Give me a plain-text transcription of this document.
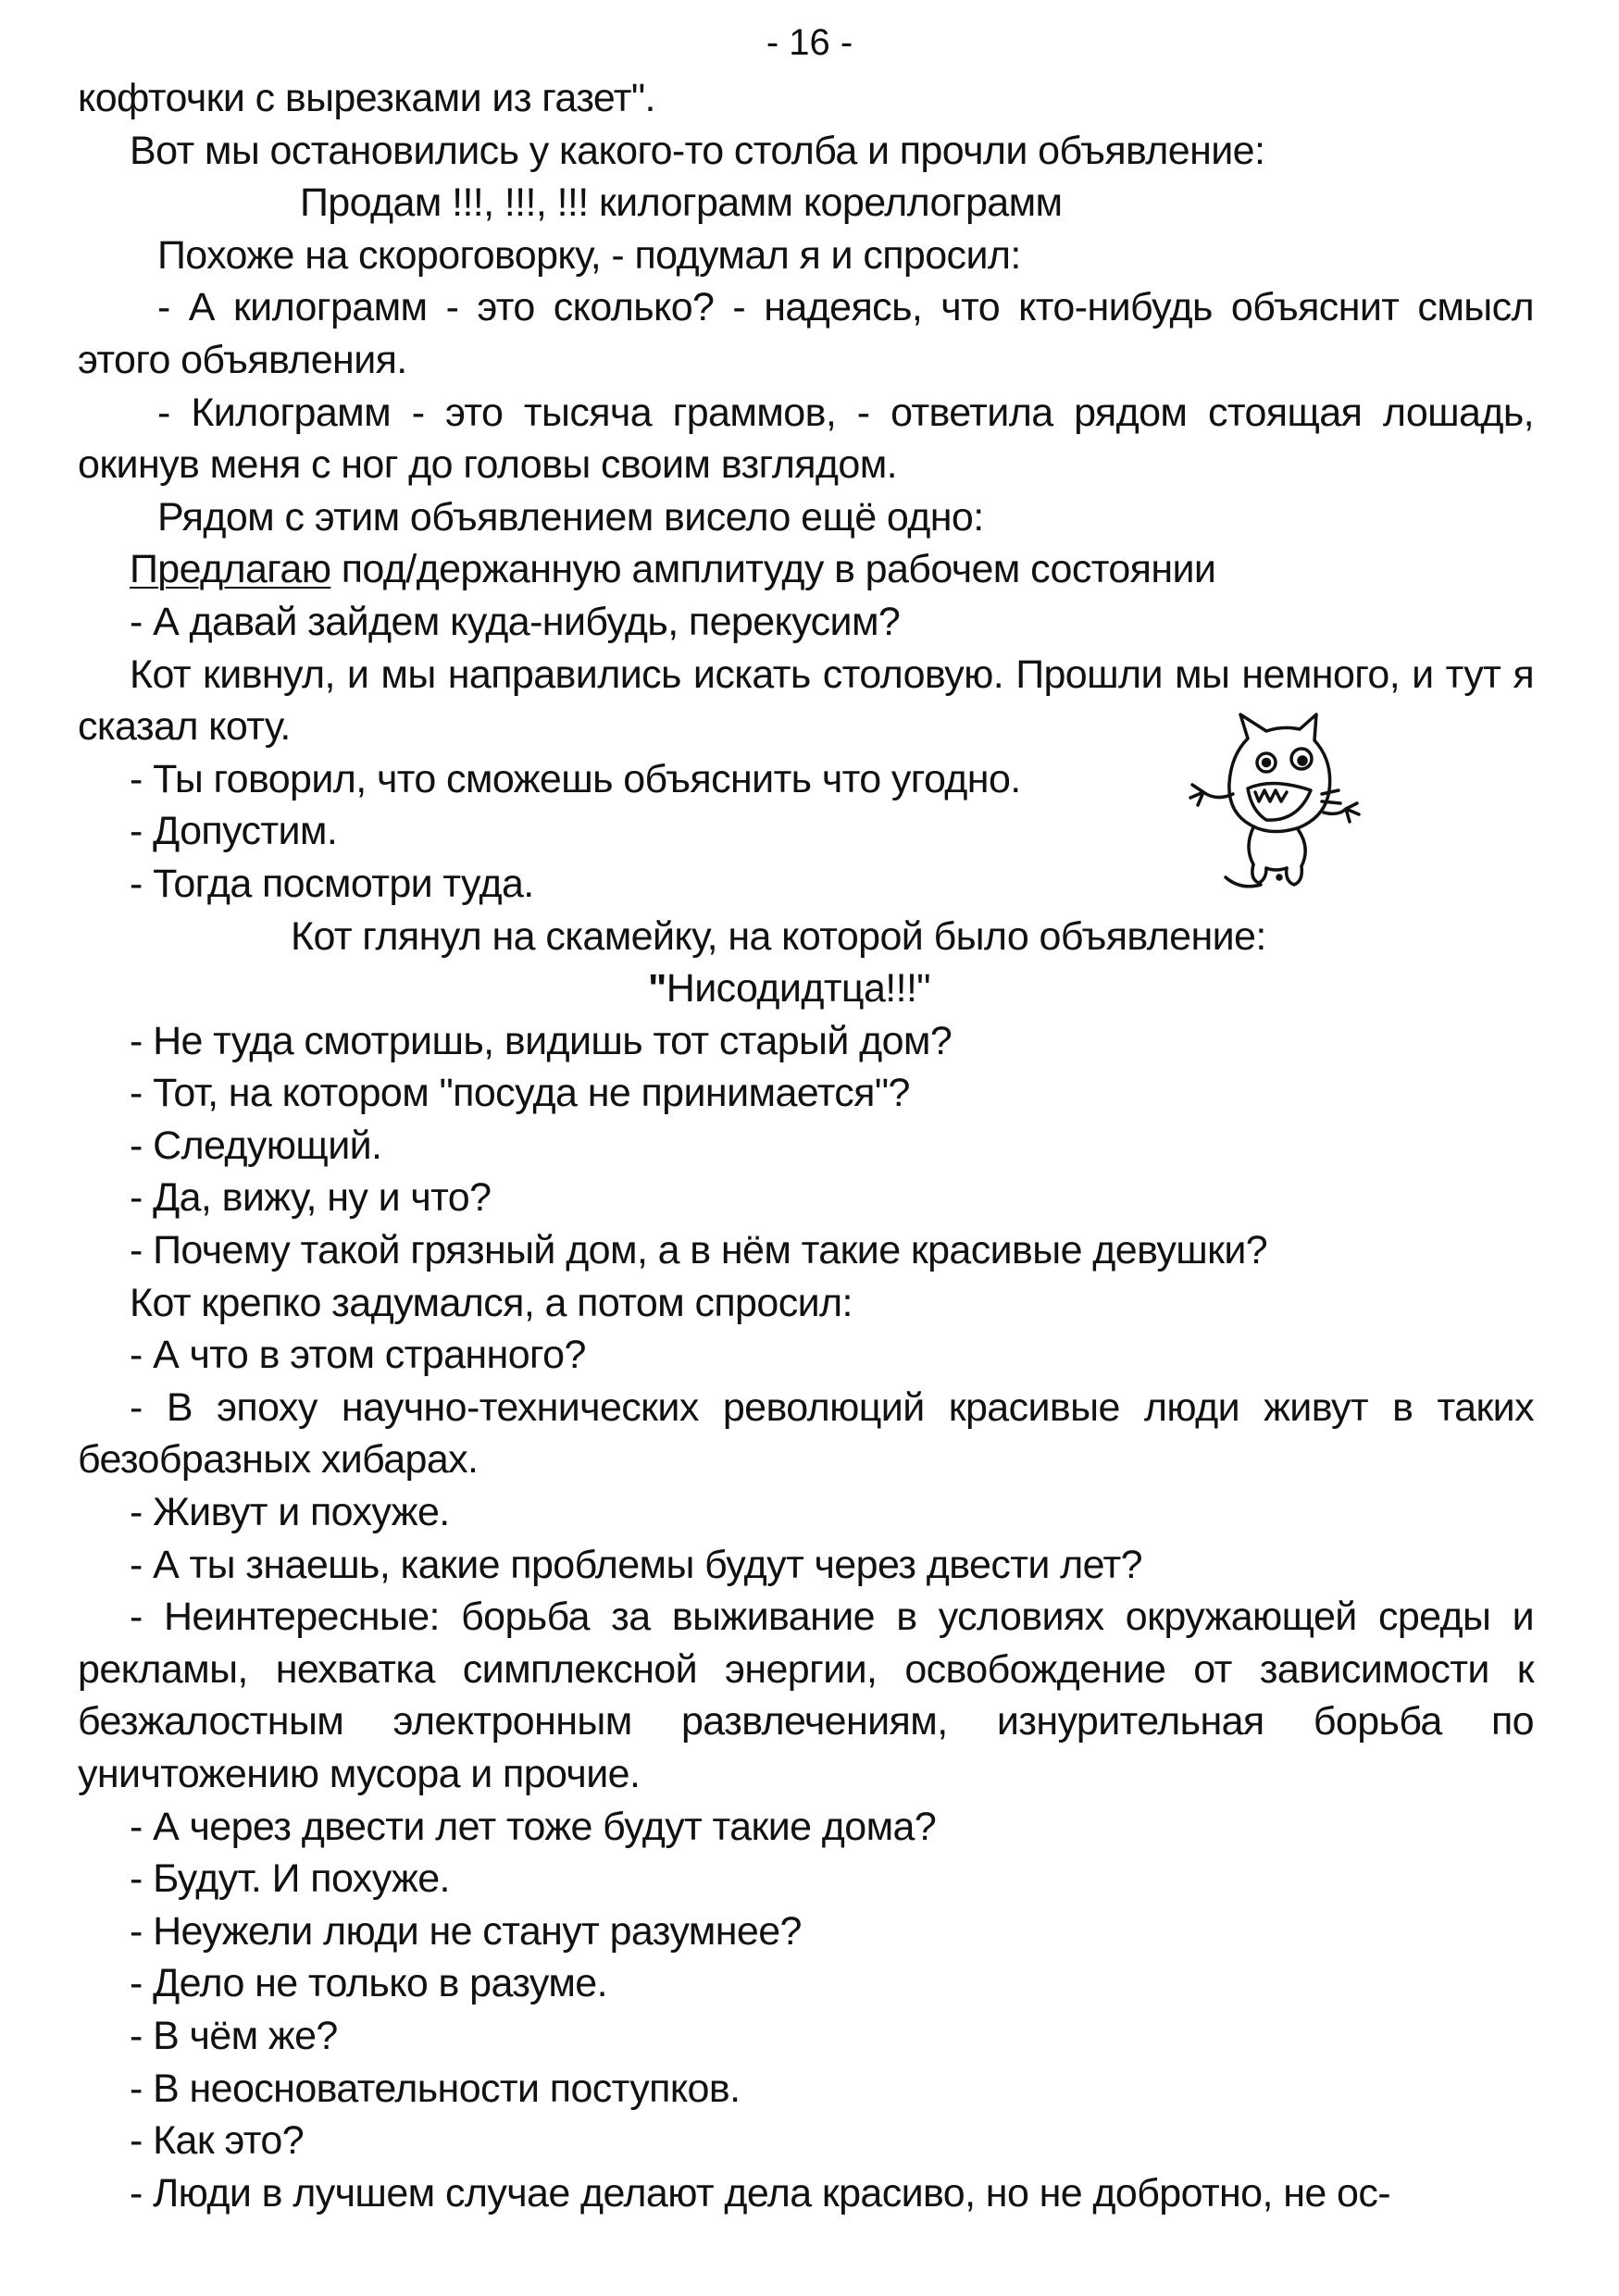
- 16 -

кофточки с вырезками из газет".

Вот мы остановились у какого-то столба и прочли объявление:

Продам !!!, !!!, !!! килограмм кореллограмм

Похоже на скороговорку, - подумал я и спросил:

- А килограмм - это сколько? - надеясь, что кто-нибудь объяснит смысл этого объявления.

- Килограмм - это тысяча граммов, - ответила рядом стоящая лошадь, окинув меня с ног до головы своим взглядом.

Рядом с этим объявлением висело ещё одно:

Предлагаю под/держанную амплитуду в рабочем состоянии

- А давай зайдем куда-нибудь, перекусим?

Кот кивнул, и мы направились искать столовую. Прошли мы немного, и тут я сказал коту.

- Ты говорил, что сможешь объяснить что угодно.

- Допустим.

- Тогда посмотри туда.

Кот глянул на скамейку, на которой было объявление:

"Нисодидтца!!!"

- Не туда смотришь, видишь тот старый дом?

- Тот, на котором "посуда не принимается"?

- Следующий.

- Да, вижу, ну и что?

- Почему такой грязный дом, а в нём такие красивые девушки?

Кот крепко задумался, а потом спросил:

- А что в этом странного?

- В эпоху научно-технических революций красивые люди живут в таких безобразных хибарах.

- Живут и похуже.

- А ты знаешь, какие проблемы будут через двести лет?

- Неинтересные: борьба за выживание в условиях окружающей среды и рекламы, нехватка симплексной энергии, освобождение от зависимости к безжалостным электронным развлечениям, изнурительная борьба по уничтожению мусора и прочие.

- А через двести лет тоже будут такие дома?

- Будут. И похуже.

- Неужели люди не станут разумнее?

- Дело не только в разуме.

- В чём же?

- В неосновательности поступков.

- Как это?

- Люди в лучшем случае делают дела красиво, но не добротно, не ос-
